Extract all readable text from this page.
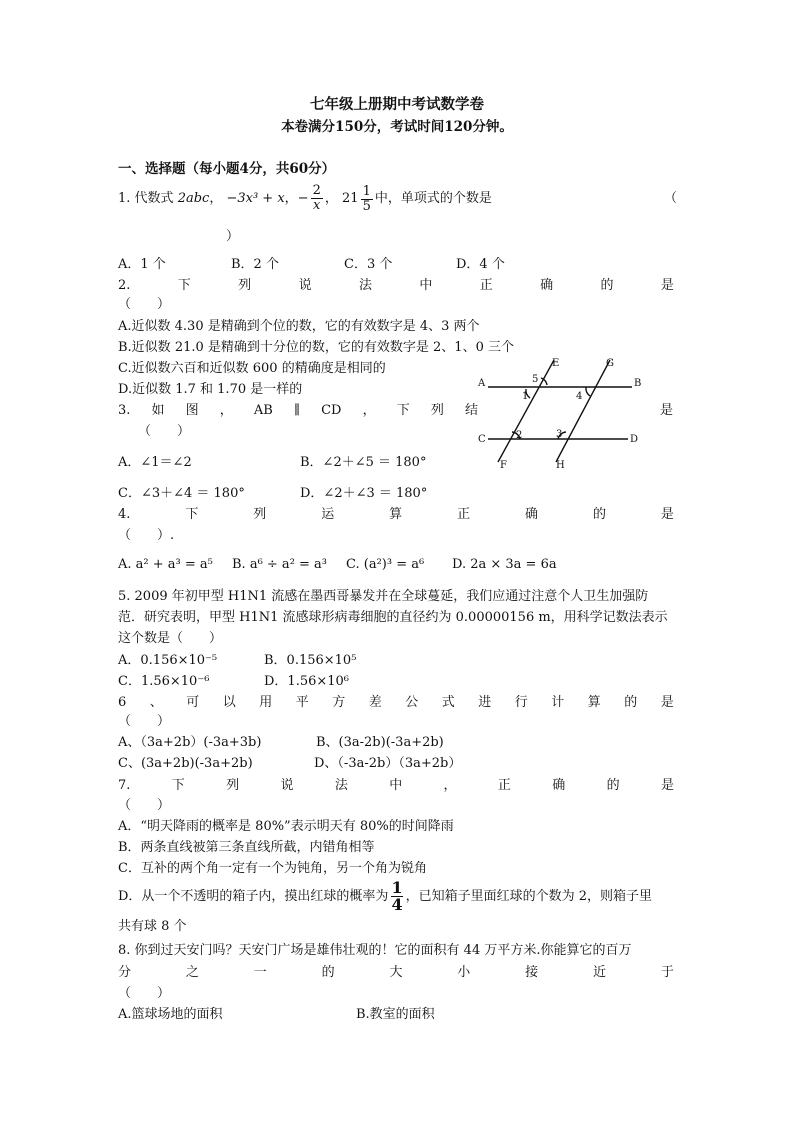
七年级上册期中考试数学卷
本卷满分150分，考试时间120分钟。
一、选择题（每小题4分，共60分）
1. 代数式 2abc， −3x³ + x，− $\frac{2}{x}$ ， $21 \frac{1}{5}$ 中，单项式的个数是	（
）
A．1 个	B．2 个	C．3 个	D．4 个
2.	下	列	说	法	中	正	确	的	是
（　　）
A.近似数 4.30 是精确到个位的数，它的有效数字是 4、3 两个
B.近似数 21.0 是精确到十分位的数，它的有效数字是 2、1、0 三个
C.近似数六百和近似数 600 的精确度是相同的
D.近似数 1.7 和 1.70 是一样的
3. 如 图 ， AB ∥ CD ， 下 列 结	是
（　　）
A．∠1＝∠2	B．∠2＋∠5 ＝ 180°
C．∠3＋∠4 ＝ 180°	D．∠2＋∠3 ＝ 180°
A	B
C	D
E
F
G
H
1
2	3
4
5
4.	下	列	运	算	正	确	的	是
（　　）.
A. a² + a³ = a⁵ B. a⁶ ÷ a² = a³ C. (a²)³ = a⁶ D. 2a × 3a = 6a
5. 2009 年初甲型 H1N1 流感在墨西哥暴发并在全球蔓延，我们应通过注意个人卫生加强防
范．研究表明，甲型 H1N1 流感球形病毒细胞的直径约为 0.00000156 m，用科学记数法表示
这个数是（　　）
A．0.156×10⁻⁵	B．0.156×10⁵
C．1.56×10⁻⁶	D．1.56×10⁶
6 、 可 以 用 平 方 差 公 式 进 行 计 算 的 是
（　　）
A、（3a+2b）(-3a+3b)	B、(3a-2b)(-3a+2b)
C、(3a+2b)(-3a+2b)	D、（-3a-2b）（3a+2b）
7.	下	列	说	法	中	，	正	确	的	是
（　　）
A．“明天降雨的概率是 80%”表示明天有 80%的时间降雨
B．两条直线被第三条直线所截，内错角相等
C．互补的两个角一定有一个为钝角，另一个角为锐角
D．从一个不透明的箱子内，摸出红球的概率为 $\frac{1}{4}$ ，已知箱子里面红球的个数为 2，则箱子里
共有球 8 个
8. 你到过天安门吗？天安门广场是雄伟壮观的！它的面积有 44 万平方米.你能算它的百万
分	之	一	的	大	小	接	近	于
（　　）
A.篮球场地的面积	B.教室的面积
